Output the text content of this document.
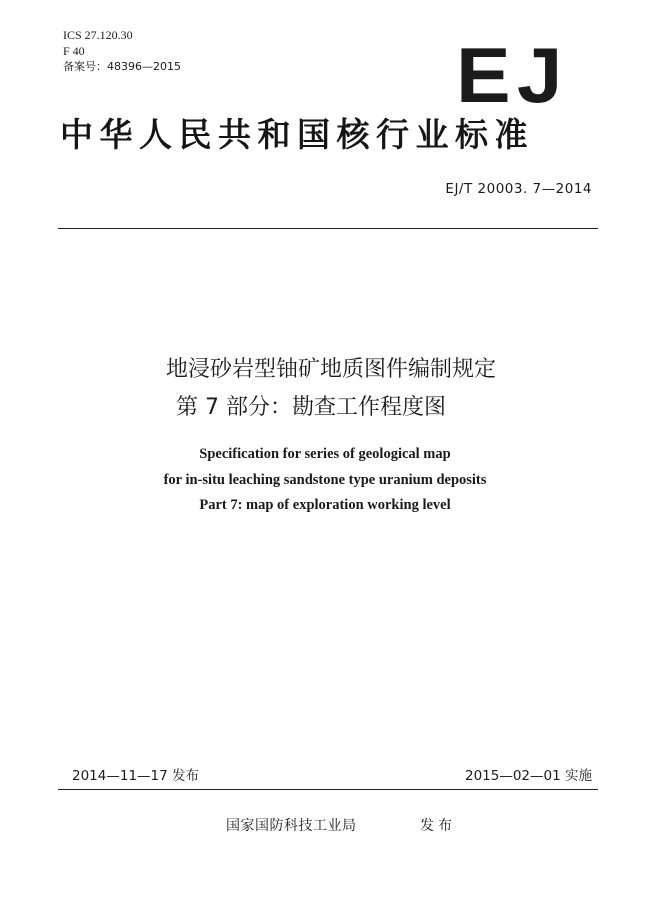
ICS 27.120.30
F 40
备案号：48396—2015	EJ
中华人民共和国核行业标准
EJ/T 20003. 7—2014
地浸砂岩型铀矿地质图件编制规定
第 7 部分：勘查工作程度图
Specification for series of geological map
for in-situ leaching sandstone type uranium deposits
Part 7: map of exploration working level
2014—11—17 发布	2015—02—01 实施
国家国防科技工业局	发布
